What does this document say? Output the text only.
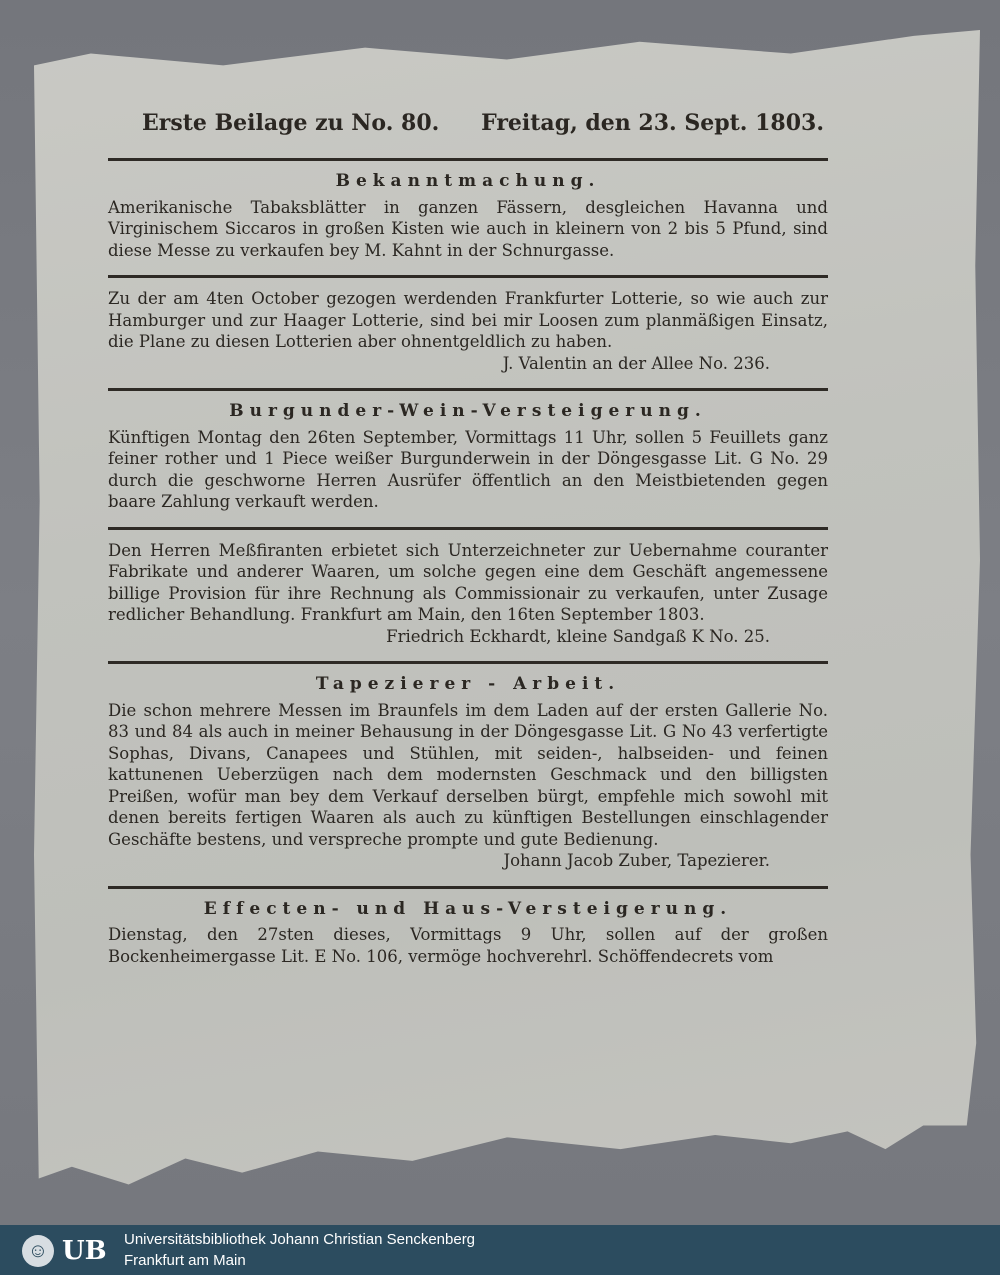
Erste Beilage zu No. 80. Freitag, den 23. Sept. 1803.
Bekanntmachung.
Amerikanische Tabaksblätter in ganzen Fässern, desgleichen Havanna und Virginischem Siccaros in großen Kisten wie auch in kleinern von 2 bis 5 Pfund, sind diese Messe zu verkaufen bey M. Kahnt in der Schnurgasse.
Zu der am 4ten October gezogen werdenden Frankfurter Lotterie, so wie auch zur Hamburger und zur Haager Lotterie, sind bei mir Loosen zum planmäßigen Einsatz, die Plane zu diesen Lotterien aber ohnentgeldlich zu haben.
J. Valentin an der Allee No. 236.
Burgunder-Wein-Versteigerung.
Künftigen Montag den 26ten September, Vormittags 11 Uhr, sollen 5 Feuillets ganz feiner rother und 1 Piece weißer Burgunderwein in der Döngesgasse Lit. G No. 29 durch die geschworne Herren Ausrüfer öffentlich an den Meistbietenden gegen baare Zahlung verkauft werden.
Den Herren Meßfiranten erbietet sich Unterzeichneter zur Uebernahme couranter Fabrikate und anderer Waaren, um solche gegen eine dem Geschäft angemessene billige Provision für ihre Rechnung als Commissionair zu verkaufen, unter Zusage redlicher Behandlung. Frankfurt am Main, den 16ten September 1803.
Friedrich Eckhardt, kleine Sandgaß K No. 25.
Tapezierer - Arbeit.
Die schon mehrere Messen im Braunfels im dem Laden auf der ersten Gallerie No. 83 und 84 als auch in meiner Behausung in der Döngesgasse Lit. G No 43 verfertigte Sophas, Divans, Canapees und Stühlen, mit seiden-, halbseiden- und feinen kattunenen Ueberzügen nach dem modernsten Geschmack und den billigsten Preißen, wofür man bey dem Verkauf derselben bürgt, empfehle mich sowohl mit denen bereits fertigen Waaren als auch zu künftigen Bestellungen einschlagender Geschäfte bestens, und verspreche prompte und gute Bedienung.
Johann Jacob Zuber, Tapezierer.
Effecten- und Haus-Versteigerung.
Dienstag, den 27sten dieses, Vormittags 9 Uhr, sollen auf der großen Bockenheimergasse Lit. E No. 106, vermöge hochverehrl. Schöffendecrets vom
☺ UB Universitätsbibliothek Johann Christian Senckenberg
Frankfurt am Main
